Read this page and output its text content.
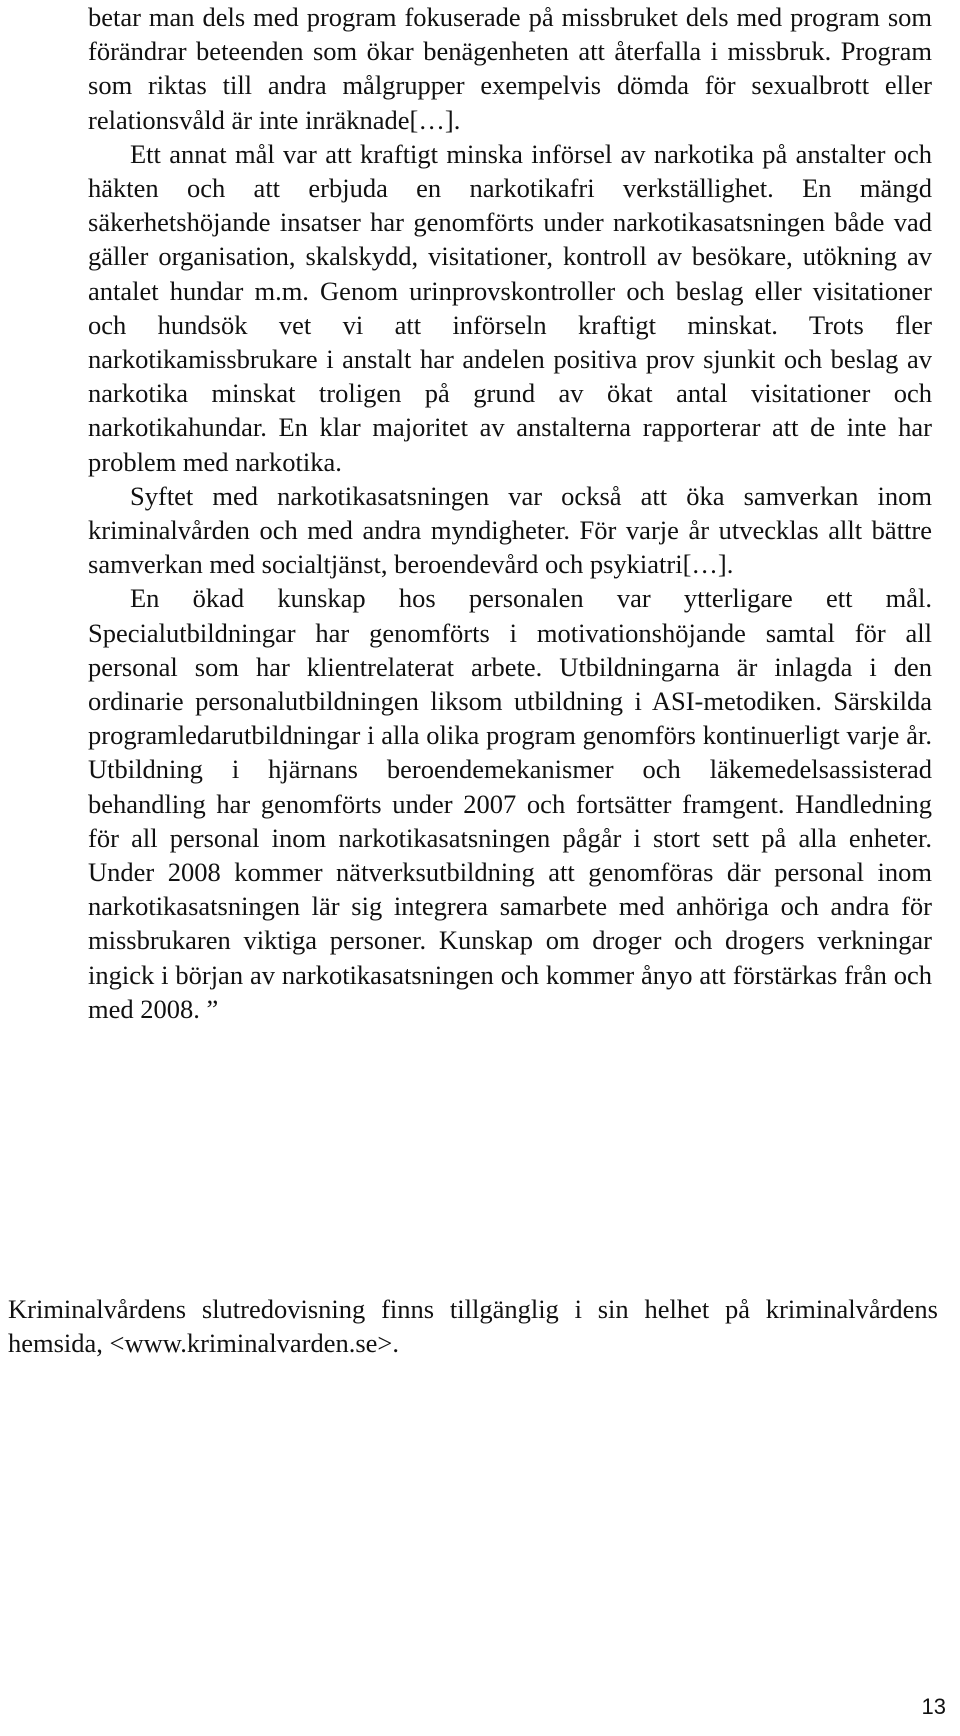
betar man dels med program fokuserade på missbruket dels med program som förändrar beteenden som ökar benägenheten att återfalla i missbruk. Program som riktas till andra målgrupper exempelvis dömda för sexualbrott eller relationsvåld är inte inräknade[…].

Ett annat mål var att kraftigt minska införsel av narkotika på anstalter och häkten och att erbjuda en narkotikafri verkställighet. En mängd säkerhetshöjande insatser har genomförts under narkotikasatsningen både vad gäller organisation, skalskydd, visitationer, kontroll av besökare, utökning av antalet hundar m.m. Genom urinprovskontroller och beslag eller visitationer och hundsök vet vi att införseln kraftigt minskat. Trots fler narkotikamissbrukare i anstalt har andelen positiva prov sjunkit och beslag av narkotika minskat troligen på grund av ökat antal visitationer och narkotikahundar. En klar majoritet av anstalterna rapporterar att de inte har problem med narkotika.

Syftet med narkotikasatsningen var också att öka samverkan inom kriminalvården och med andra myndigheter. För varje år utvecklas allt bättre samverkan med socialtjänst, beroendevård och psykiatri[…].

En ökad kunskap hos personalen var ytterligare ett mål. Specialutbildningar har genomförts i motivationshöjande samtal för all personal som har klientrelaterat arbete. Utbildningarna är inlagda i den ordinarie personalutbildningen liksom utbildning i ASI-metodiken. Särskilda programledarutbildningar i alla olika program genomförs kontinuerligt varje år. Utbildning i hjärnans beroendemekanismer och läkemedelsassisterad behandling har genomförts under 2007 och fortsätter framgent. Handledning för all personal inom narkotikasatsningen pågår i stort sett på alla enheter. Under 2008 kommer nätverksutbildning att genomföras där personal inom narkotikasatsningen lär sig integrera samarbete med anhöriga och andra för missbrukaren viktiga personer. Kunskap om droger och drogers verkningar ingick i början av narkotikasatsningen och kommer ånyo att förstärkas från och med 2008. ”

Kriminalvårdens slutredovisning finns tillgänglig i sin helhet på kriminalvårdens hemsida, <www.kriminalvarden.se>.

13
